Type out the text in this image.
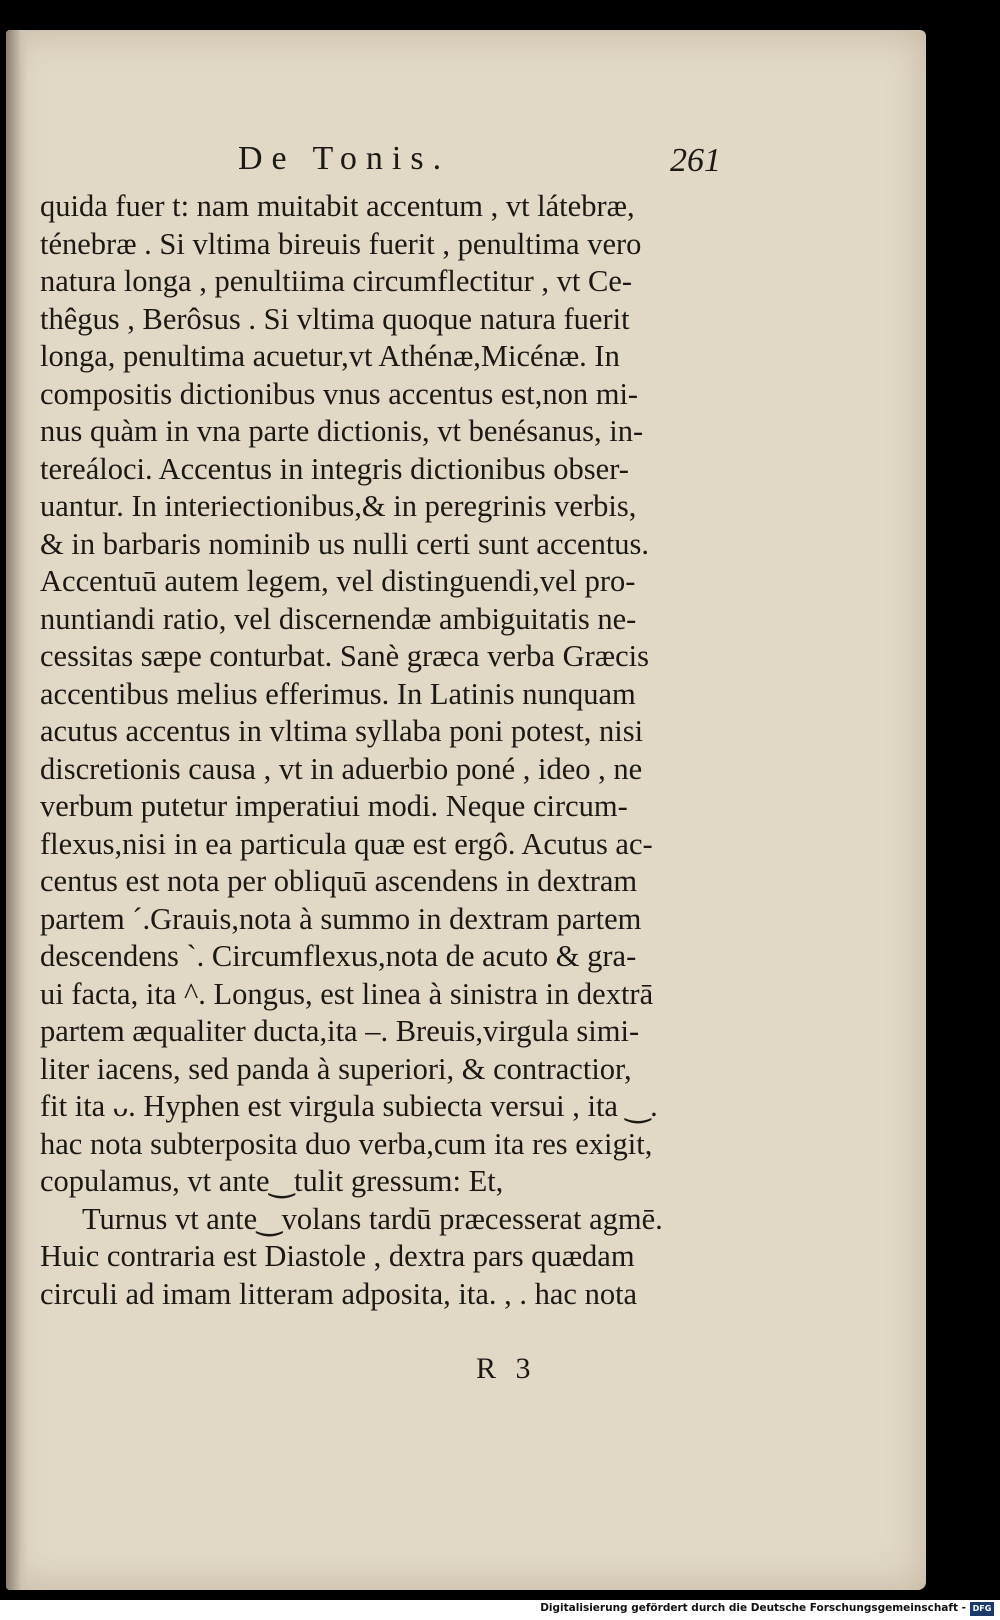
De Tonis.	261
quida fuer t: nam muitabit accentum , vt látebræ,
ténebræ . Si vltima bireuis fuerit , penultima vero
natura longa , penultiima circumflectitur , vt Ce-
thêgus , Berôsus . Si vltima quoque natura fuerit
longa, penultima acuetur,vt Athénæ,Micénæ. In
compositis dictionibus vnus accentus est,non mi-
nus quàm in vna parte dictionis, vt benésanus, in-
tereáloci. Accentus in integris dictionibus obser-
uantur. In interiectionibus,& in peregrinis verbis,
& in barbaris nominib us nulli certi sunt accentus.
Accentuū autem legem, vel distinguendi,vel pro-
nuntiandi ratio, vel discernendæ ambiguitatis ne-
cessitas sæpe conturbat. Sanè græca verba Græcis
accentibus melius efferimus. In Latinis nunquam
acutus accentus in vltima syllaba poni potest, nisi
discretionis causa , vt in aduerbio poné , ideo , ne
verbum putetur imperatiui modi. Neque circum-
flexus,nisi in ea particula quæ est ergô. Acutus ac-
centus est nota per obliquū ascendens in dextram
partem ´.Grauis,nota à summo in dextram partem
descendens `. Circumflexus,nota de acuto & gra-
ui facta, ita ^. Longus, est linea à sinistra in dextrā
partem æqualiter ducta,ita –. Breuis,virgula simi-
liter iacens, sed panda à superiori, & contractior,
fit ita ᴗ. Hyphen est virgula subiecta versui , ita ‿.
hac nota subterposita duo verba,cum ita res exigit,
copulamus, vt ante‿tulit gressum: Et,
Turnus vt ante‿volans tardū præcesserat agmē.
Huic contraria est Diastole , dextra pars quædam
circuli ad imam litteram adposita, ita. , . hac nota
R 3
Digitalisierung gefördert durch die Deutsche Forschungsgemeinschaft - DFG
